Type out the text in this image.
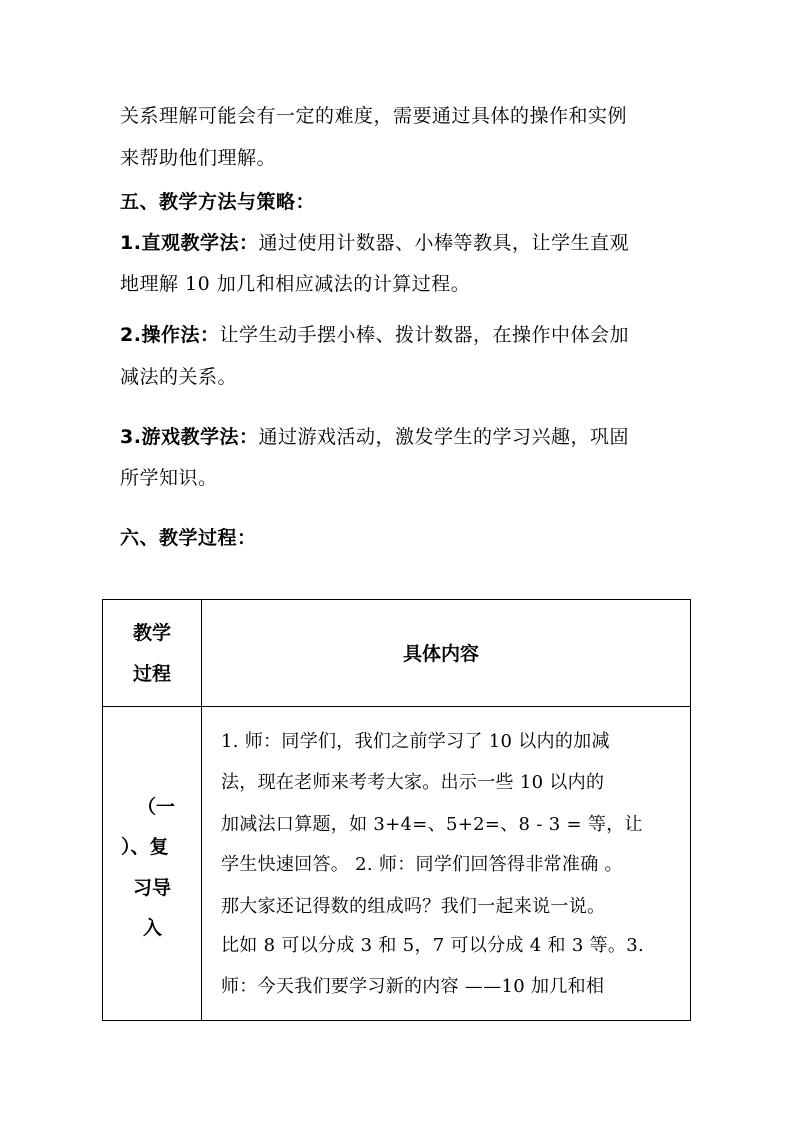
关系理解可能会有一定的难度，需要通过具体的操作和实例
来帮助他们理解。
五、教学方法与策略：
1.直观教学法：通过使用计数器、小棒等教具，让学生直观
地理解 10 加几和相应减法的计算过程。
2.操作法：让学生动手摆小棒、拨计数器，在操作中体会加
减法的关系。
3.游戏教学法：通过游戏活动，激发学生的学习兴趣，巩固
所学知识。
六、教学过程：
教学
过程
具体内容
（一
）、复
习导
入
1. 师：同学们，我们之前学习了 10 以内的加减
法，现在老师来考考大家。出示一些 10 以内的
加减法口算题，如 3+4=、5+2=、8 - 3 = 等，让
学生快速回答。 2. 师：同学们回答得非常准确 。
那大家还记得数的组成吗？我们一起来说一说。
比如 8 可以分成 3 和 5，7 可以分成 4 和 3 等。3.
师：今天我们要学习新的内容 ——10 加几和相
